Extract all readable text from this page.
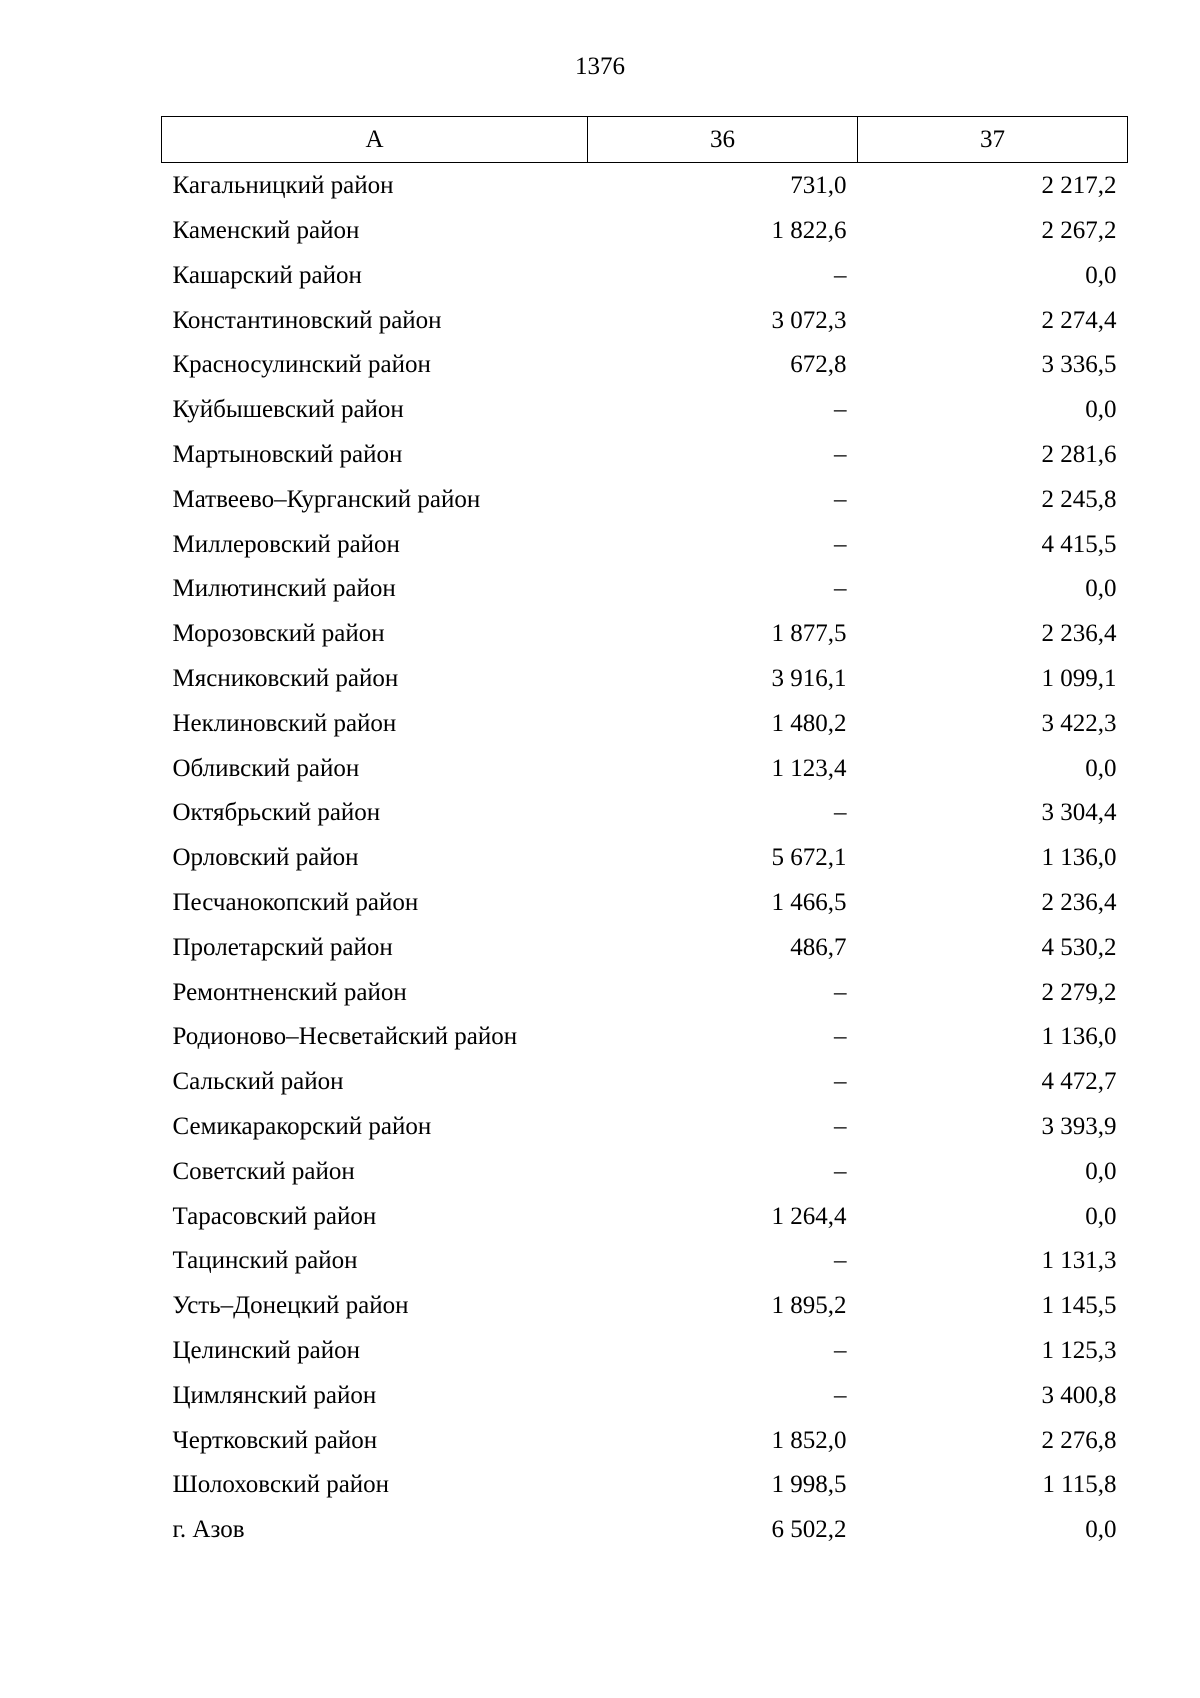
1376
А	36	37
Кагальницкий район	731,0	2 217,2
Каменский район	1 822,6	2 267,2
Кашарский район	–	0,0
Константиновский район	3 072,3	2 274,4
Красносулинский район	672,8	3 336,5
Куйбышевский район	–	0,0
Мартыновский район	–	2 281,6
Матвеево–Курганский район	–	2 245,8
Миллеровский район	–	4 415,5
Милютинский район	–	0,0
Морозовский район	1 877,5	2 236,4
Мясниковский район	3 916,1	1 099,1
Неклиновский район	1 480,2	3 422,3
Обливский район	1 123,4	0,0
Октябрьский район	–	3 304,4
Орловский район	5 672,1	1 136,0
Песчанокопский район	1 466,5	2 236,4
Пролетарский район	486,7	4 530,2
Ремонтненский район	–	2 279,2
Родионово–Несветайский район	–	1 136,0
Сальский район	–	4 472,7
Семикаракорский район	–	3 393,9
Советский район	–	0,0
Тарасовский район	1 264,4	0,0
Тацинский район	–	1 131,3
Усть–Донецкий район	1 895,2	1 145,5
Целинский район	–	1 125,3
Цимлянский район	–	3 400,8
Чертковский район	1 852,0	2 276,8
Шолоховский район	1 998,5	1 115,8
г. Азов	6 502,2	0,0
